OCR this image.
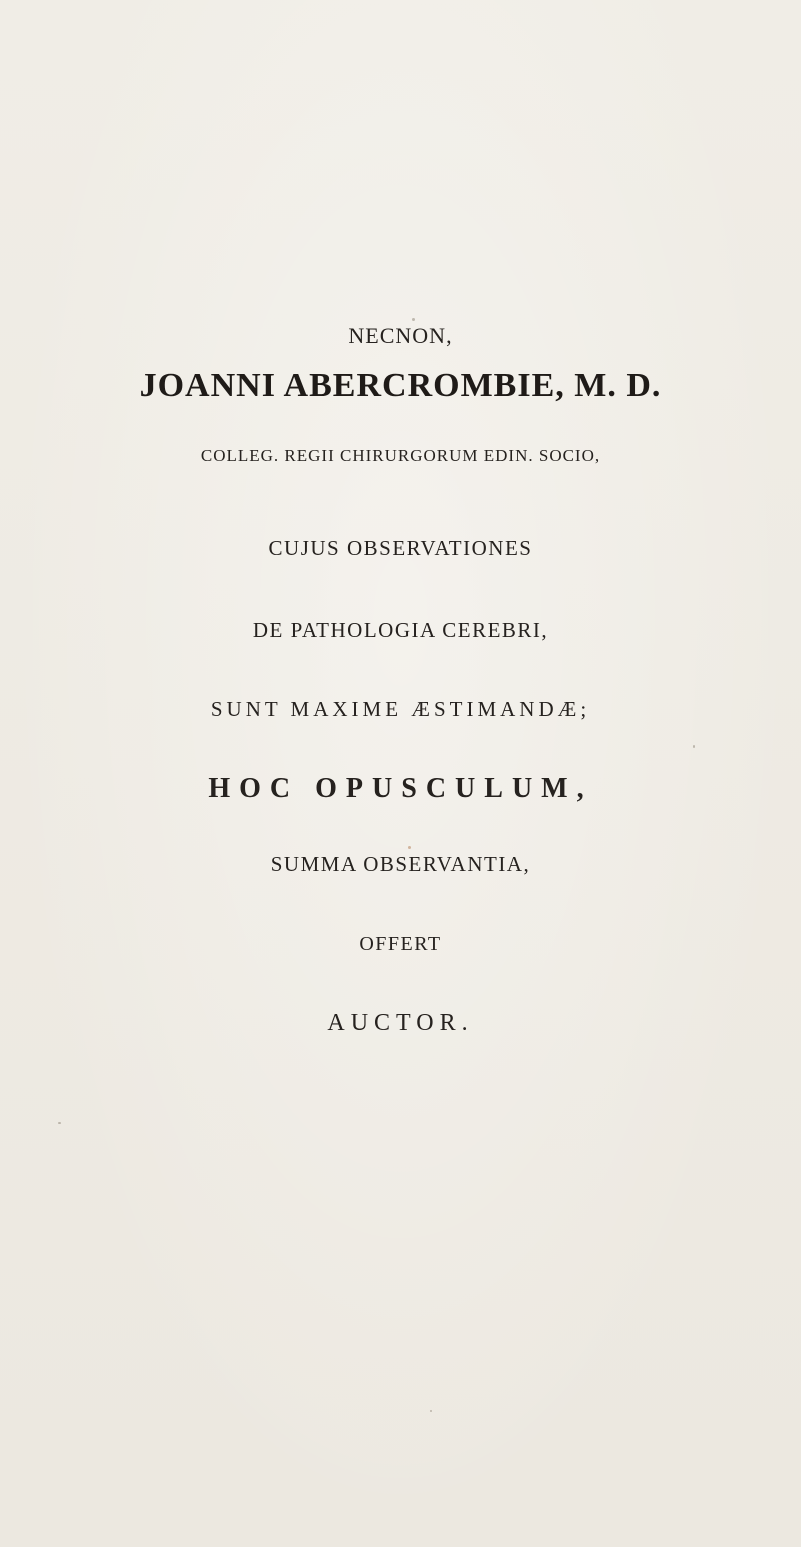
NECNON,
JOANNI ABERCROMBIE, M. D.
COLLEG. REGII CHIRURGORUM EDIN. SOCIO,
CUJUS OBSERVATIONES
DE PATHOLOGIA CEREBRI,
SUNT MAXIME ÆSTIMANDÆ;
HOC OPUSCULUM,
SUMMA OBSERVANTIA,
OFFERT
AUCTOR.
